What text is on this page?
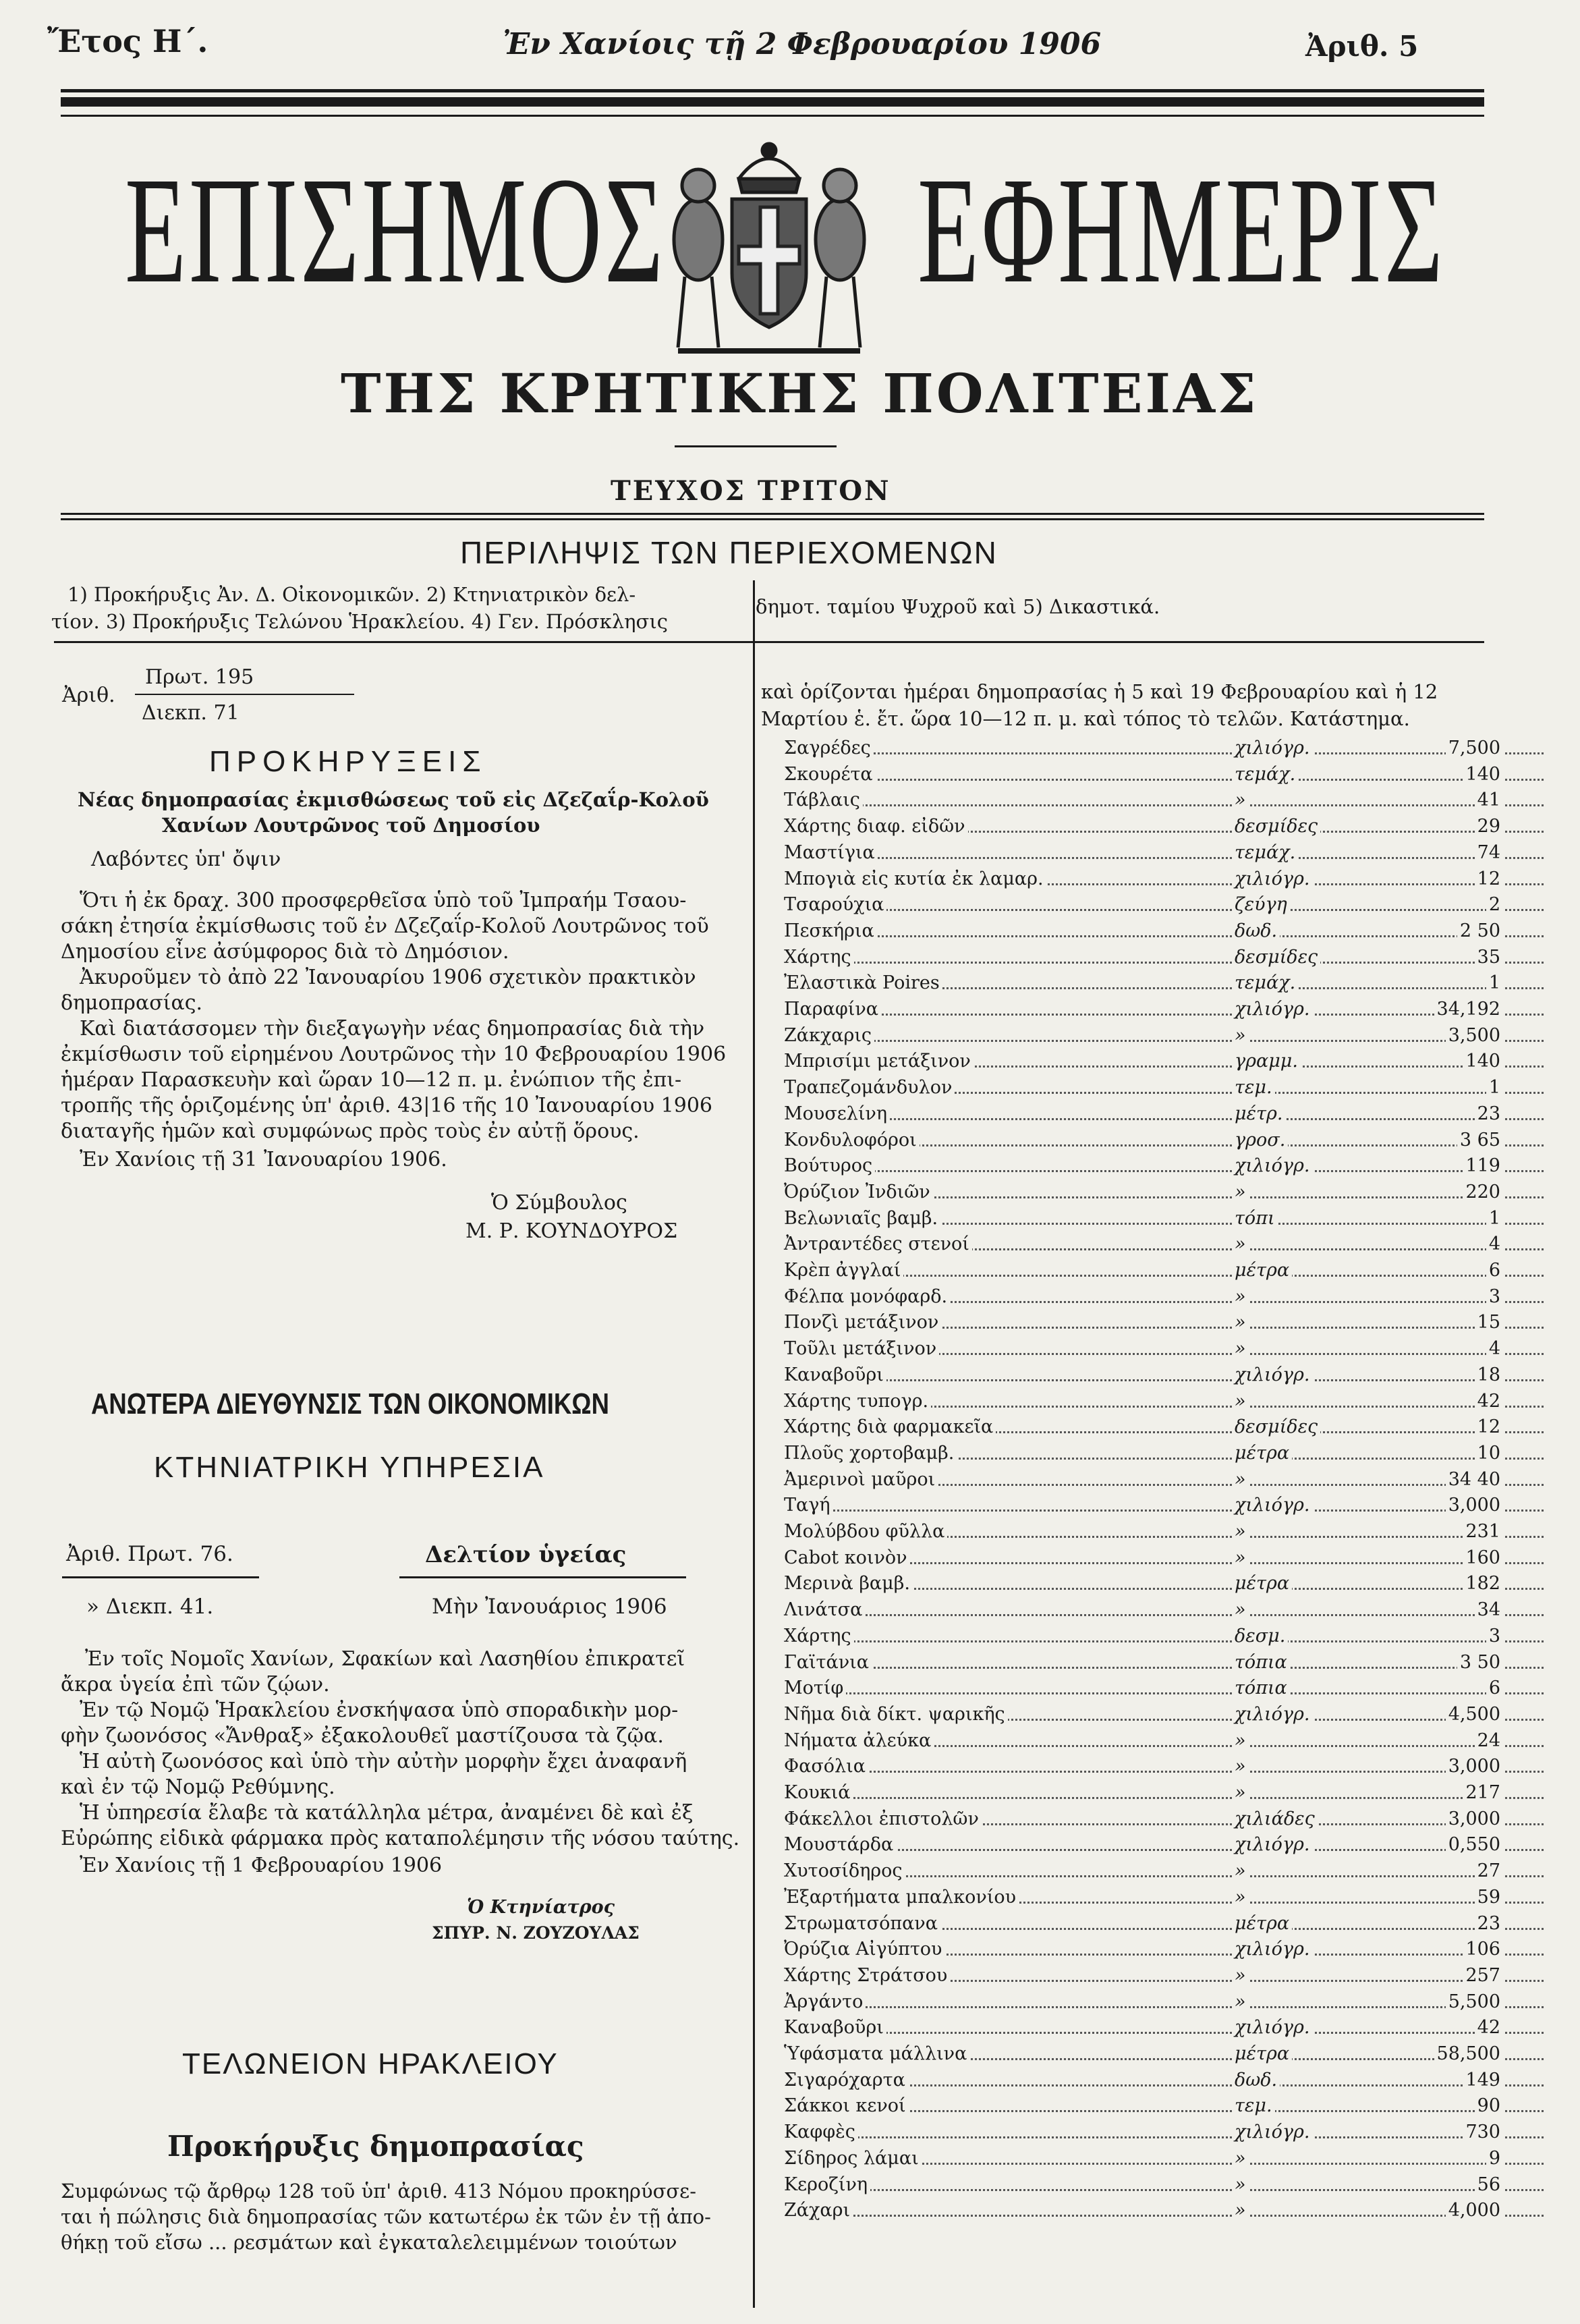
Ἔτος Η΄.	Ἐν Χανίοις τῇ 2 Φεβρουαρίου 1906	Ἀριθ. 5
ΕΠΙΣΗΜΟΣ ΕΦΗΜΕΡΙΣ
ΤΗΣ ΚΡΗΤΙΚΗΣ ΠΟΛΙΤΕΙΑΣ
ΤΕΥΧΟΣ ΤΡΙΤΟΝ
ΠΕΡΙΛΗΨΙΣ ΤΩΝ ΠΕΡΙΕΧΟΜΕΝΩΝ
1) Προκήρυξις Ἀν. Δ. Οἰκονομικῶν. 2) Κτηνιατρικὸν δελ-
τίον. 3) Προκήρυξις Τελώνου Ἡρακλείου. 4) Γεν. Πρόσκλησις
δημοτ. ταμίου Ψυχροῦ καὶ 5) Δικαστικά.
Ἀριθ.
Πρωτ. 195
Διεκπ. 71
ΠΡΟΚΗΡΥΞΕΙΣ
Νέας δημοπρασίας ἐκμισθώσεως τοῦ εἰς Δζεζαΐρ-Κολοῦ
Χανίων Λουτρῶνος τοῦ Δημοσίου
Λαβόντες ὑπ' ὄψιν
Ὅτι ἡ ἐκ δραχ. 300 προσφερθεῖσα ὑπὸ τοῦ Ἰμπραήμ Τσαου-
σάκη ἐτησία ἐκμίσθωσις τοῦ ἐν Δζεζαΐρ-Κολοῦ Λουτρῶνος τοῦ
Δημοσίου εἶνε ἀσύμφορος διὰ τὸ Δημόσιον.
Ἀκυροῦμεν τὸ ἀπὸ 22 Ἰανουαρίου 1906 σχετικὸν πρακτικὸν
δημοπρασίας.
Καὶ διατάσσομεν τὴν διεξαγωγὴν νέας δημοπρασίας διὰ τὴν
ἐκμίσθωσιν τοῦ εἰρημένου Λουτρῶνος τὴν 10 Φεβρουαρίου 1906
ἡμέραν Παρασκευὴν καὶ ὥραν 10—12 π. μ. ἐνώπιον τῆς ἐπι-
τροπῆς τῆς ὁριζομένης ὑπ' ἀριθ. 43|16 τῆς 10 Ἰανουαρίου 1906
διαταγῆς ἡμῶν καὶ συμφώνως πρὸς τοὺς ἐν αὐτῇ ὅρους.
Ἐν Χανίοις τῇ 31 Ἰανουαρίου 1906.
Ὁ Σύμβουλος
Μ. Ρ. ΚΟΥΝΔΟΥΡΟΣ
ΑΝΩΤΕΡΑ ΔΙΕΥΘΥΝΣΙΣ ΤΩΝ ΟΙΚΟΝΟΜΙΚΩΝ
ΚΤΗΝΙΑΤΡΙΚΗ ΥΠΗΡΕΣΙΑ
Ἀριθ. Πρωτ. 76.	Δελτίον ὑγείας
» Διεκπ. 41.	Μὴν Ἰανουάριος 1906
Ἐν τοῖς Νομοῖς Χανίων, Σφακίων καὶ Λασηθίου ἐπικρατεῖ
ἄκρα ὑγεία ἐπὶ τῶν ζῴων.
Ἐν τῷ Νομῷ Ἡρακλείου ἐνσκήψασα ὑπὸ σποραδικὴν μορ-
φὴν ζωονόσος «Ἄνθραξ» ἐξακολουθεῖ μαστίζουσα τὰ ζῷα.
Ἡ αὐτὴ ζωονόσος καὶ ὑπὸ τὴν αὐτὴν μορφὴν ἔχει ἀναφανῆ
καὶ ἐν τῷ Νομῷ Ρεθύμνης.
Ἡ ὑπηρεσία ἔλαβε τὰ κατάλληλα μέτρα, ἀναμένει δὲ καὶ ἐξ
Εὐρώπης εἰδικὰ φάρμακα πρὸς καταπολέμησιν τῆς νόσου ταύτης.
Ἐν Χανίοις τῇ 1 Φεβρουαρίου 1906
Ὁ Κτηνίατρος
ΣΠΥΡ. Ν. ΖΟΥΖΟΥΛΑΣ
ΤΕΛΩΝΕΙΟΝ ΗΡΑΚΛΕΙΟΥ
Προκήρυξις δημοπρασίας
Συμφώνως τῷ ἄρθρῳ 128 τοῦ ὑπ' ἀριθ. 413 Νόμου προκηρύσσε-
ται ἡ πώλησις διὰ δημοπρασίας τῶν κατωτέρω ἐκ τῶν ἐν τῇ ἀπο-
θήκῃ τοῦ εἴσω ... ρεσμάτων καὶ ἐγκαταλελειμμένων τοιούτων
καὶ ὁρίζονται ἡμέραι δημοπρασίας ἡ 5 καὶ 19 Φεβρουαρίου καὶ ἡ 12
Μαρτίου ἑ. ἔτ. ὥρα 10—12 π. μ. καὶ τόπος τὸ τελῶν. Κατάστημα.
Σαγρέδες	χιλιόγρ.	7,500
Σκουρέτα	τεμάχ.	140
Τάβλαις	»	41
Χάρτης διαφ. εἰδῶν	δεσμίδες	29
Μαστίγια	τεμάχ.	74
Μπογιὰ εἰς κυτία ἐκ λαμαρ.	χιλιόγρ.	12
Τσαρούχια	ζεύγη	2
Πεσκήρια	δωδ.	2 50
Χάρτης	δεσμίδες	35
Ἐλαστικὰ Poires	τεμάχ.	1
Παραφίνα	χιλιόγρ.	34,192
Ζάκχαρις	»	3,500
Μπρισίμι μετάξινον	γραμμ.	140
Τραπεζομάνδυλον	τεμ.	1
Μουσελίνη	μέτρ.	23
Κονδυλοφόροι	γροσ.	3 65
Βούτυρος	χιλιόγρ.	119
Ὀρύζιον Ἰνδιῶν	»	220
Βελωνιαῖς βαμβ.	τόπι	1
Ἀντραντέδες στενοί	»	4
Κρὲπ ἀγγλαί	μέτρα	6
Φέλπα μονόφαρδ.	»	3
Πονζὶ μετάξινον	»	15
Τοῦλι μετάξινον	»	4
Καναβοῦρι	χιλιόγρ.	18
Χάρτης τυπογρ.	»	42
Χάρτης διὰ φαρμακεῖα	δεσμίδες	12
Πλοῦς χορτοβαμβ.	μέτρα	10
Ἀμερινοὶ μαῦροι	»	34 40
Ταγή	χιλιόγρ.	3,000
Μολύβδου φῦλλα	»	231
Cabot κοινὸν	»	160
Μερινὰ βαμβ.	μέτρα	182
Λινάτσα	»	34
Χάρτης	δεσμ.	3
Γαϊτάνια	τόπια	3 50
Μοτίφ	τόπια	6
Νῆμα διὰ δίκτ. ψαρικῆς	χιλιόγρ.	4,500
Νήματα ἀλεύκα	»	24
Φασόλια	»	3,000
Κουκιά	»	217
Φάκελλοι ἐπιστολῶν	χιλιάδες	3,000
Μουστάρδα	χιλιόγρ.	0,550
Χυτοσίδηρος	»	27
Ἐξαρτήματα μπαλκονίου	»	59
Στρωματσόπανα	μέτρα	23
Ὀρύζια Αἰγύπτου	χιλιόγρ.	106
Χάρτης Στράτσου	»	257
Ἀργάντο	»	5,500
Καναβοῦρι	χιλιόγρ.	42
Ὑφάσματα μάλλινα	μέτρα	58,500
Σιγαρόχαρτα	δωδ.	149
Σάκκοι κενοί	τεμ.	90
Καφφὲς	χιλιόγρ.	730
Σίδηρος λάμαι	»	9
Κεροζίνη	»	56
Ζάχαρι	»	4,000
